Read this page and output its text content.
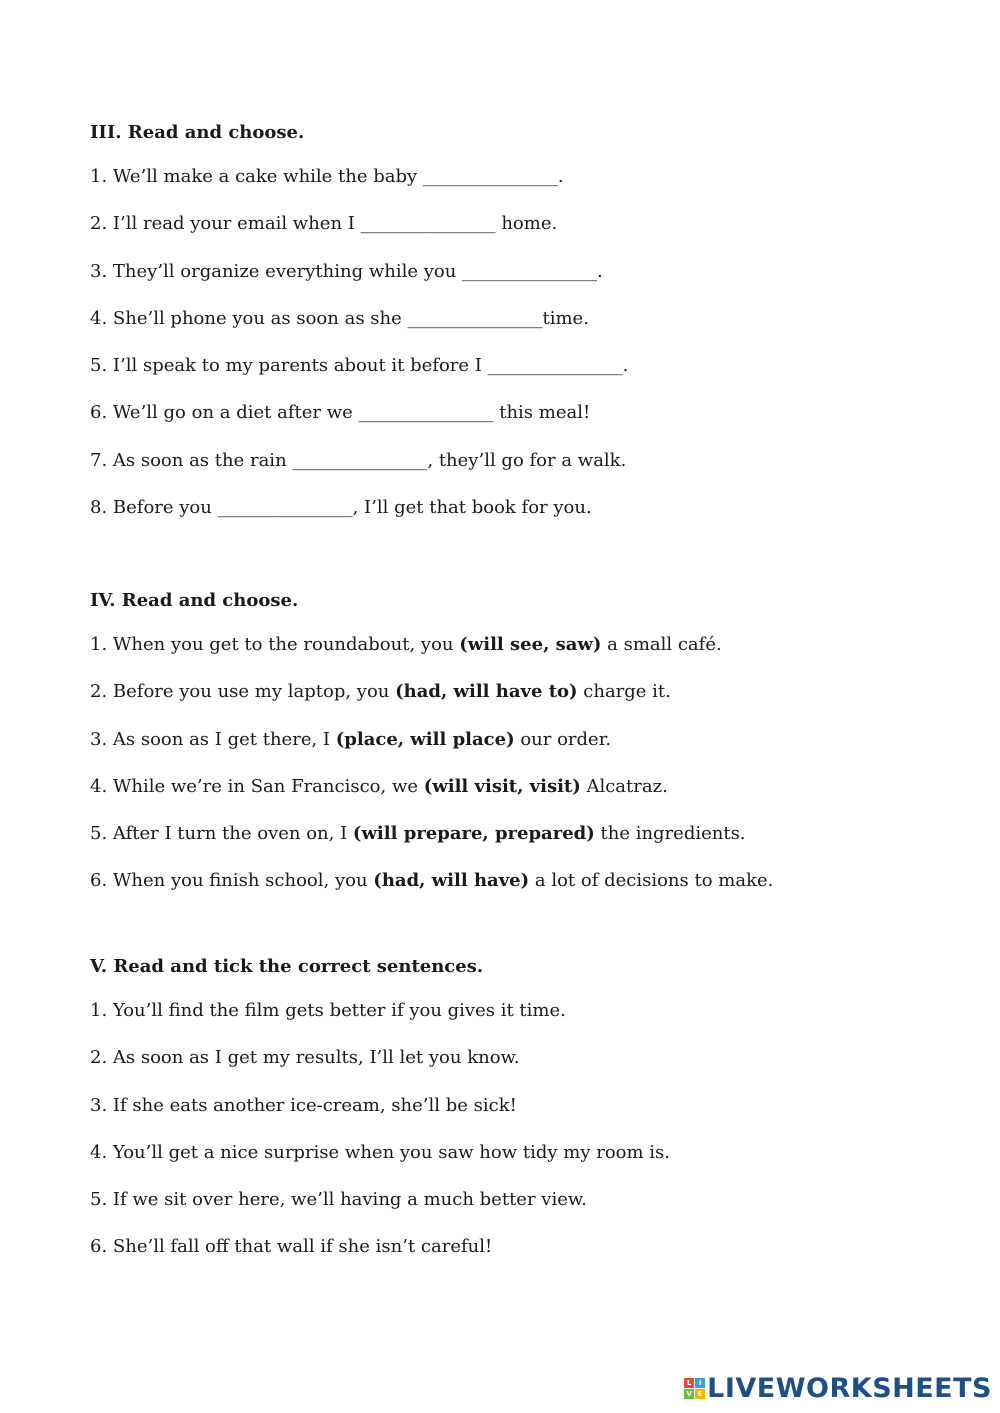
III. Read and choose.
1. We’ll make a cake while the baby _______________.
2. I’ll read your email when I _______________ home.
3. They’ll organize everything while you _______________.
4. She’ll phone you as soon as she _______________time.
5. I’ll speak to my parents about it before I _______________.
6. We’ll go on a diet after we _______________ this meal!
7. As soon as the rain _______________, they’ll go for a walk.
8. Before you _______________, I’ll get that book for you.
IV. Read and choose.
1. When you get to the roundabout, you (will see, saw) a small café.
2. Before you use my laptop, you (had, will have to) charge it.
3. As soon as I get there, I (place, will place) our order.
4. While we’re in San Francisco, we (will visit, visit) Alcatraz.
5. After I turn the oven on, I (will prepare, prepared) the ingredients.
6. When you finish school, you (had, will have) a lot of decisions to make.
V. Read and tick the correct sentences.
1. You’ll find the film gets better if you gives it time.
2. As soon as I get my results, I’ll let you know.
3. If she eats another ice-cream, she’ll be sick!
4. You’ll get a nice surprise when you saw how tidy my room is.
5. If we sit over here, we’ll having a much better view.
6. She’ll fall off that wall if she isn’t careful!
L	I
V E LIVEWORKSHEETS
